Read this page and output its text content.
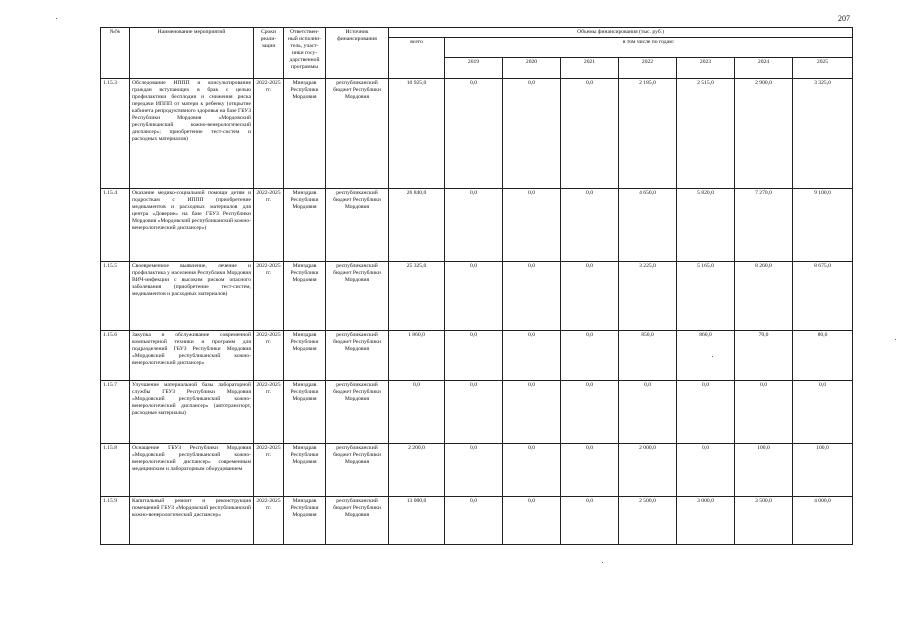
207
№№	Наименование мероприятий	Сроки реали-зации	Ответствен-ный исполни-тель, участ-ники госу-дарственной программы	Источник финансирования	Объемы финансирования (тыс. руб.)							
					всего	в том числе по годам:						
						2019	2020	2021	2022	2023	2024	2025
1.15.3	Обследование ИППП и консультирование граждан вступающих в брак с целью профилактики бесплодия и снижения риска передачи ИППП от матери к ребенку (открытие кабинета репродуктивного здоровья на базе ГБУЗ Республики Мордовия «Мордовский республиканский кожно-венерологический диспансер»; приобретение тест-систем и расходных материалов)	2022-2025 гг.	Минздрав Республики Мордовия	республиканский бюджет Республики Мордовия	10 925,0	0,0	0,0	0,0	2 185,0	2 515,0	2 900,0	3 325,0
1.15.4	Оказание медико-социальной помощи детям и подросткам с ИППП (приобретение медикаментов и расходных материалов для центра «Доверие» на базе ГБУЗ Республики Мордовия «Мордовский республиканский кожно-венерологический диспансер»)	2022-2025 гг.	Минздрав Республики Мордовия	республиканский бюджет Республики Мордовия	26 840,0	0,0	0,0	0,0	4 650,0	5 820,0	7 270,0	9 100,0
1.15.5	Своевременное выявление, лечение и профилактика у населения Республики Мордовия ВИЧ-инфекции с высоким риском опасного заболевания (приобретение тест-систем, медикаментов и расходных материалов)	2022-2025 гг.	Минздрав Республики Мордовия	республиканский бюджет Республики Мордовия	25 325,0	0,0	0,0	0,0	3 225,0	5 165,0	8 260,0	8 675,0
1.15.6	Закупка и обслуживание современной компьютерной техники и программ для подразделений ГБУЗ Республики Мордовия «Мордовский республиканский кожно-венерологический диспансер»	2022-2025 гг.	Минздрав Республики Мордовия	республиканский бюджет Республики Мордовия	1 860,0	0,0	0,0	0,0	850,0	860,0	70,0	80,0
1.15.7	Улучшение материальной базы лабораторной службы ГБУЗ Республики Мордовия «Мордовский республиканский кожно-венерологический диспансер» (автотранспорт, расходные материалы)	2022-2025 гг.	Минздрав Республики Мордовия	республиканский бюджет Республики Мордовия	0,0	0,0	0,0	0,0	0,0	0,0	0,0	0,0
1.15.8	Оснащение ГБУЗ Республики Мордовия «Мордовский республиканский кожно-венерологический диспансер» современным медицинским и лабораторным оборудованием	2022-2025 гг.	Минздрав Республики Мордовия	республиканский бюджет Республики Мордовия	2 200,0	0,0	0,0	0,0	2 000,0	0,0	100,0	100,0
1.15.9	Капитальный ремонт и реконструкция помещений ГБУЗ «Мордовский республиканский кожно-венерологический диспансер»	2022-2025 гг.	Минздрав Республики Мордовия	республиканский бюджет Республики Мордовия	13 000,0	0,0	0,0	0,0	2 500,0	3 000,0	3 500,0	4 000,0
